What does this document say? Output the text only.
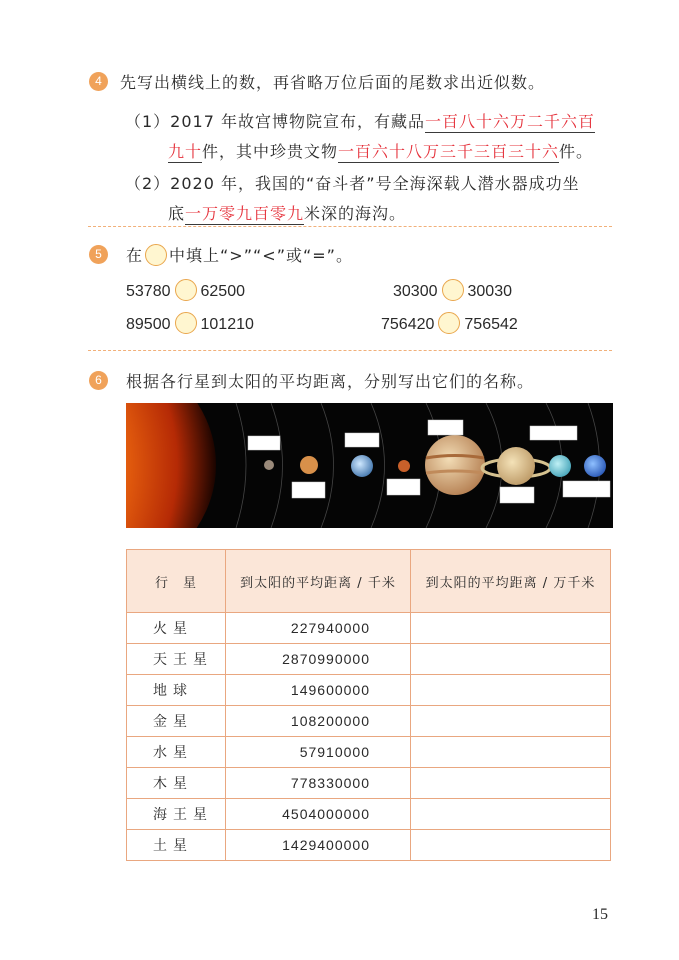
4	先写出横线上的数，再省略万位后面的尾数求出近似数。
（1）2017 年故宫博物院宣布，有藏品一百八十六万二千六百
九十件，其中珍贵文物一百六十八万三千三百三十六件。
（2）2020 年，我国的“奋斗者”号全海深载人潜水器成功坐
底一万零九百零九米深的海沟。
5	在 中填上“>”“<”或“=”。
53780 62500	30300 30030
89500 101210	756420 756542
6	根据各行星到太阳的平均距离，分别写出它们的名称。
行　星	到太阳的平均距离 / 千米	到太阳的平均距离 / 万千米
火星	227940000	
天王星	2870990000	
地球	149600000	
金星	108200000	
水星	57910000	
木星	778330000	
海王星	4504000000	
土星	1429400000	
15
